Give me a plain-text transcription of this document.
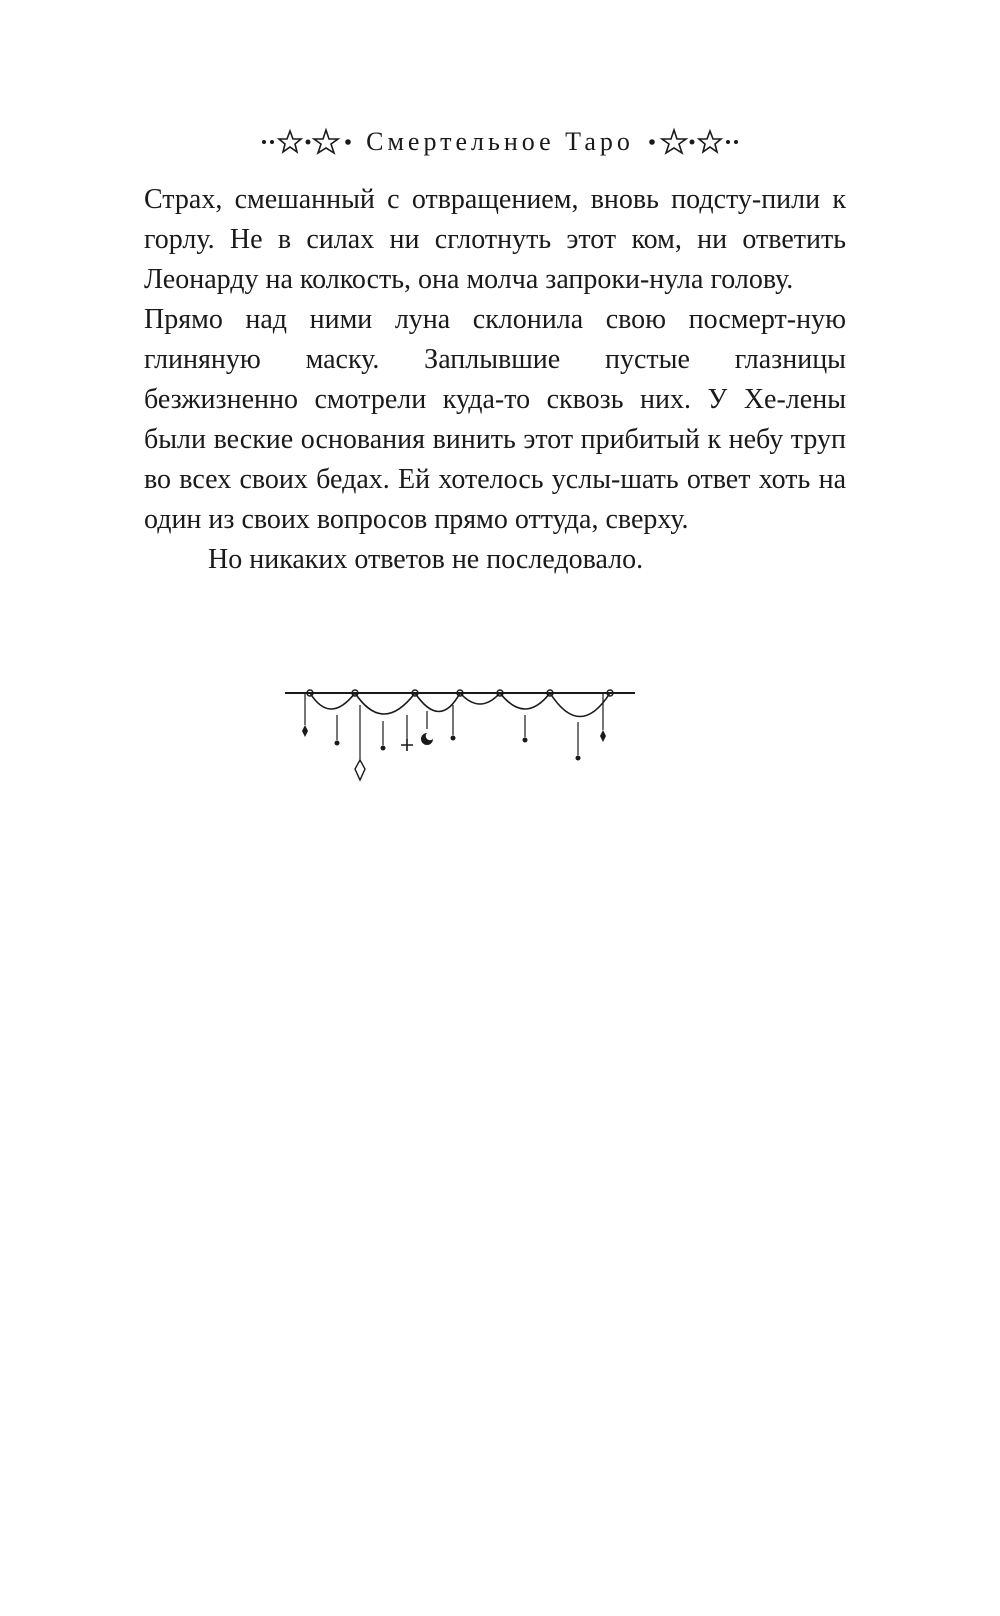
Смертельное Таро

Страх, смешанный с отвращением, вновь подсту-пили к горлу. Не в силах ни сглотнуть этот ком, ни ответить Леонарду на колкость, она молча запроки-нула голову.

Прямо над ними луна склонила свою посмерт-ную глиняную маску. Заплывшие пустые глазницы безжизненно смотрели куда-то сквозь них. У Хе-лены были веские основания винить этот прибитый к небу труп во всех своих бедах. Ей хотелось услы-шать ответ хоть на один из своих вопросов прямо оттуда, сверху.

Но никаких ответов не последовало.
